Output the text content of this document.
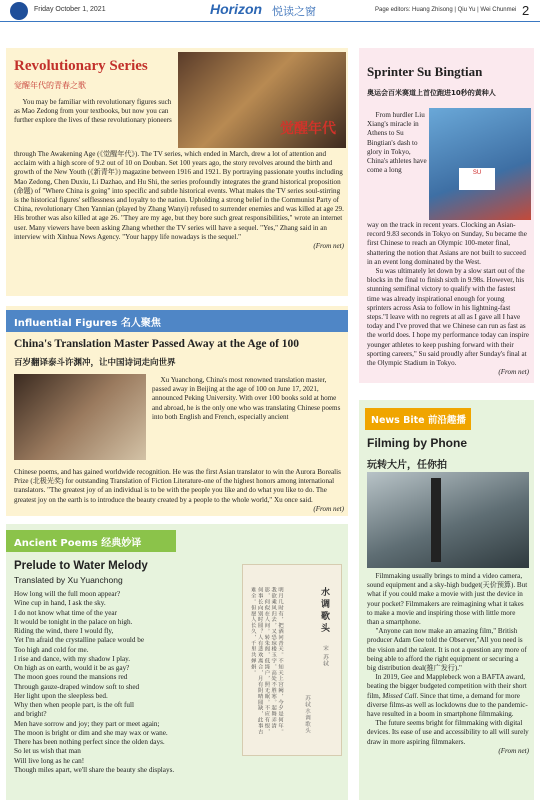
Friday October 1, 2021	Horizon 悦读之窗	Page editors: Huang Zhisong | Qiu Yu | Wei Chunmei 2
Revolutionary Series
觉醒年代的青春之歌
觉醒年代

You may be familiar with revolutionary figures such as Mao Zedong from your textbooks, but now you can further explore the lives of these revolutionary pioneers

through The Awakening Age (《觉醒年代》). The TV series, which ended in March, drew a lot of attention and acclaim with a high score of 9.2 out of 10 on Douban. Set 100 years ago, the story revolves around the birth and growth of the New Youth (《新青年》) magazine between 1916 and 1921. By portraying passionate youths including Mao Zedong, Chen Duxiu, Li Dazhao, and Hu Shi, the series profoundly integrates the grand historical proposition (命题) of "Where China is going" into specific and subtle historical events. What makes the TV series soul-stirring is the historical figures' selflessness and loyalty to the nation. Upholding a strong belief in the Communist Party of China, revolutionary Chen Yannian (played by Zhang Wanyi) refused to surrender enemies and was killed at age 29. His brother was also killed at age 26. "They are my age, but they bore such great responsibilities," wrote an internet user. Many viewers have been asking Zhang whether the TV series will have a sequel. "Yes," Zhang said in an interview with Xinhua News Agency. "Your happy life nowadays is the sequel."
(From net)
Sprinter Su Bingtian
奥运会百米赛道上首位跑进10秒的黄种人
SU

From hurdler Liu Xiang's miracle in Athens to Su Bingtian's dash to glory in Tokyo, China's athletes have come a long

way on the track in recent years. Clocking an Asian-record 9.83 seconds in Tokyo on Sunday, Su became the first Chinese to reach an Olympic 100-meter final, shattering the notion that Asians are not built to succeed in an event long dominated by the West.

Su was ultimately let down by a slow start out of the blocks in the final to finish sixth in 9.98s. However, his stunning semifinal victory to qualify with the fastest time was already inspirational enough for young sprinters across Asia to follow in his lightning-fast steps."I leave with no regrets at all as I gave all I have today and I've proved that we Chinese can run as fast as the world does. I hope my performance today can inspire younger athletes to keep pushing forward with their sporting careers," Su said proudly after Sunday's final at the Olympic Stadium in Tokyo.

(From net)
Influential Figures 名人聚焦
China's Translation Master Passed Away at the Age of 100
百岁翻译泰斗许渊冲，让中国诗词走向世界

Xu Yuanchong, China's most renowned translation master, passed away in Beijing at the age of 100 on June 17, 2021, announced Peking University. With over 100 books sold at home and abroad, he is the only one who was translating Chinese poems into both English and French, especially ancient

Chinese poems, and has gained worldwide recognition. He was the first Asian translator to win the Aurora Borealis Prize (北极光奖) for outstanding Translation of Fiction Literature-one of the highest honors among international translators. "The greatest joy of an individual is to be with the people you like and do what you like to do. The greatest joy on the earth is to introduce the beauty created by a people to the whole world," Xu once said.
(From net)
Ancient Poems 经典妙译
Prelude to Water Melody
Translated by Xu Yuanchong
How long will the full moon appear?
Wine cup in hand, I ask the sky.
I do not know what time of the year
It would be tonight in the palace on high.
Riding the wind, there I would fly,
Yet I'm afraid the crystalline palace would be
Too high and cold for me.
I rise and dance, with my shadow I play.
On high as on earth, would it be as gay?
The moon goes round the mansions red
Through gauze-draped window soft to shed
Her light upon the sleepless bed.
Why then when people part, is the oft full
and bright?
Men have sorrow and joy; they part or meet again;
The moon is bright or dim and she may wax or wane.
There has been nothing perfect since the olden days.
So let us wish that man
Will live long as he can!
Though miles apart, we'll share the beauty she displays.
水调歌头
宋 苏轼
明月几时有，把酒问青天。不知天上宫阙，今夕是何年。我欲乘风归去，又恐琼楼玉宇，高处不胜寒。起舞弄清影，何似在人间。转朱阁，低绮户，照无眠。不应有恨，何事长向别时圆？人有悲欢离合，月有阴晴圆缺，此事古难全。但愿人长久，千里共婵娟。
苏轼水调歌头
News Bite 前沿趣播
Filming by Phone
玩转大片，任你拍

Filmmaking usually brings to mind a video camera, sound equipment and a sky-high budget(天价预算). But what if you could make a movie with just the device in your pocket? Filmmakers are reimagining what it takes to make a movie and inspiring those with little more than a smartphone.

"Anyone can now make an amazing film," British producer Adam Gee told the Observer,"All you need is the vision and the talent. It is not a question any more of being able to afford the right equipment or securing a big distribution deal(推广发行)."

In 2019, Gee and Mapplebeck won a BAFTA award, beating the bigger budgeted competition with their short film, Missed Call. Since that time, a demand for more diverse films-as well as lockdowns due to the pandemic-have resulted in a boom in smartphone filmmaking.

The future seems bright for filmmaking with digital devices. Its ease of use and accessibility to all will surely draw in more aspiring filmmakers.

(From net)
